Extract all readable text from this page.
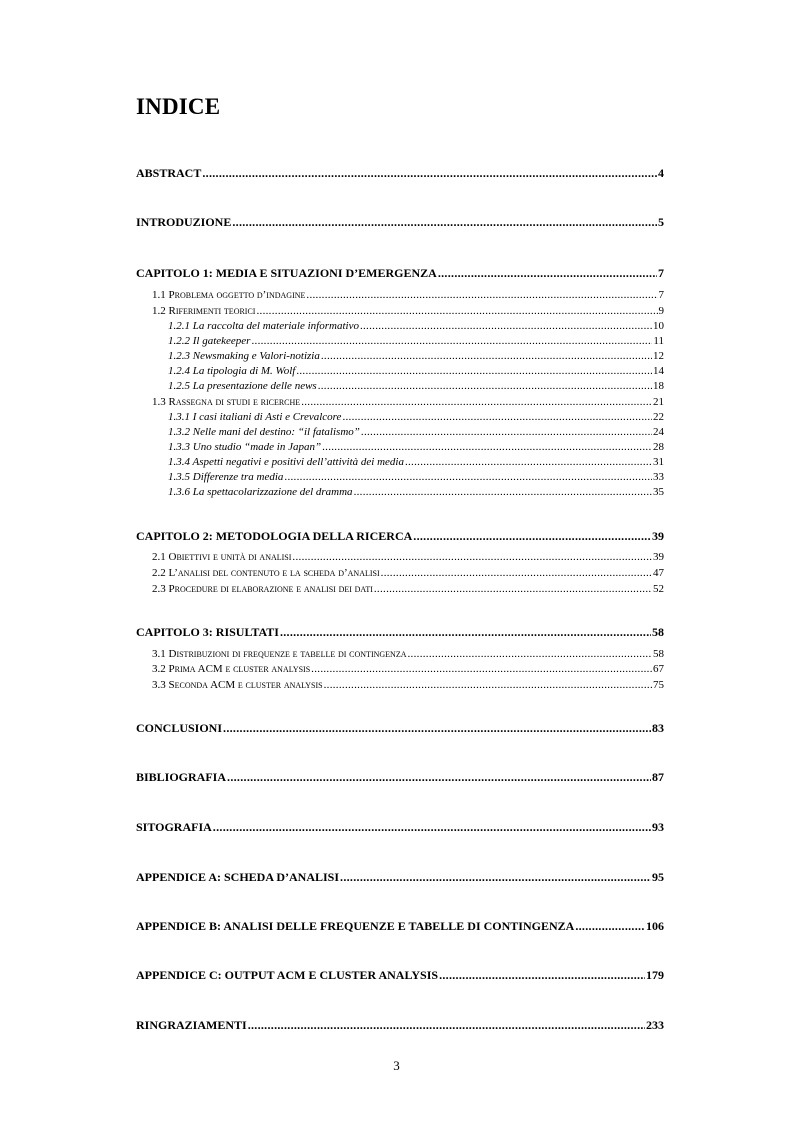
INDICE
ABSTRACT .....	4
INTRODUZIONE .....	5
CAPITOLO 1: MEDIA E SITUAZIONI D’EMERGENZA .....	7
1.1 Problema oggetto d’indagine .....	7
1.2 Riferimenti teorici .....	9
1.2.1 La raccolta del materiale informativo .....	10
1.2.2 Il gatekeeper .....	11
1.2.3 Newsmaking e Valori-notizia .....	12
1.2.4 La tipologia di M. Wolf .....	14
1.2.5 La presentazione delle news .....	18
1.3 Rassegna di studi e ricerche .....	21
1.3.1 I casi italiani di Asti e Crevalcore .....	22
1.3.2 Nelle mani del destino: “il fatalismo” .....	24
1.3.3 Uno studio “made in Japan” .....	28
1.3.4 Aspetti negativi e positivi dell’attività dei media .....	31
1.3.5 Differenze tra media .....	33
1.3.6 La spettacolarizzazione del dramma .....	35
CAPITOLO 2: METODOLOGIA DELLA RICERCA .....	39
2.1 Obiettivi e unità di analisi .....	39
2.2 L’analisi del contenuto e la scheda d’analisi .....	47
2.3 Procedure di elaborazione e analisi dei dati .....	52
CAPITOLO 3: RISULTATI .....	58
3.1 Distribuzioni di frequenze e tabelle di contingenza .....	58
3.2 Prima ACM e cluster analysis .....	67
3.3 Seconda ACM e cluster analysis .....	75
CONCLUSIONI .....	83
BIBLIOGRAFIA .....	87
SITOGRAFIA .....	93
APPENDICE A: SCHEDA D’ANALISI .....	95
APPENDICE B: ANALISI DELLE FREQUENZE E TABELLE DI CONTINGENZA .....	106
APPENDICE C: OUTPUT ACM E CLUSTER ANALYSIS .....	179
RINGRAZIAMENTI .....	233
3
